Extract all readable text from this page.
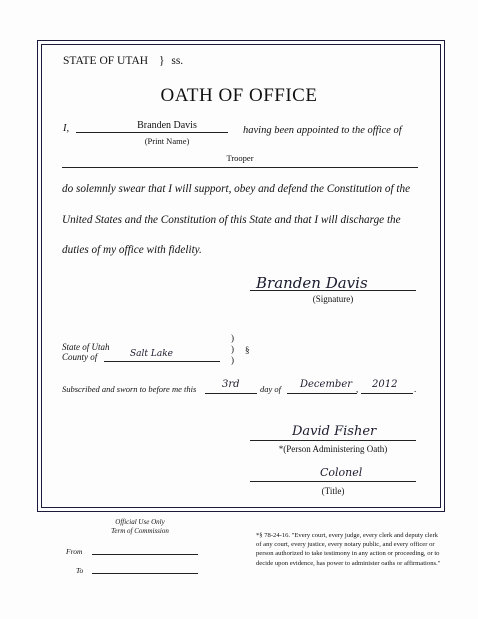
STATE OF UTAH } ss.
OATH OF OFFICE
I,	Branden Davis
(Print Name)
having been appointed to the office of
Trooper
do solemnly swear that I will support, obey and defend the Constitution of the
United States and the Constitution of this State and that I will discharge the
duties of my office with fidelity.
Branden Davis
(Signature)
State of Utah
County of	Salt Lake
)
)
)
§
Subscribed and sworn to before me this	3rd day of December , 2012 .
David Fisher
*(Person Administering Oath)
Colonel
(Title)
Official Use Only
Term of Commission
From
To
*§ 78-24-16. "Every court, every judge, every clerk and deputy clerk of any court, every justice, every notary public, and every officer or person authorized to take testimony in any action or proceeding, or to decide upon evidence, has power to administer oaths or affirmations."
